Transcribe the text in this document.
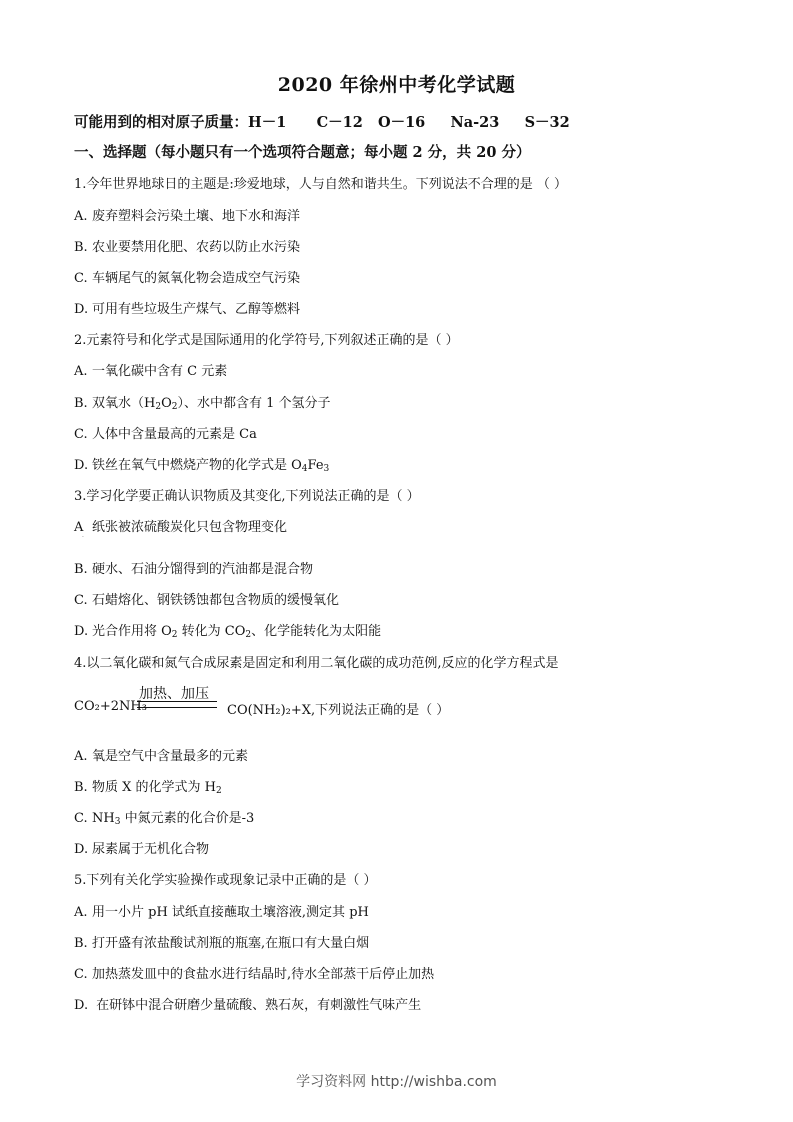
2020 年徐州中考化学试题
可能用到的相对原子质量：H－1      C－12   O－16     Na-23     S－32
一、选择题（每小题只有一个选项符合题意；每小题 2 分，共 20 分）
1.今年世界地球日的主题是:珍爱地球，人与自然和谐共生。下列说法不合理的是 （ ）
A. 废弃塑料会污染土壤、地下水和海洋
B. 农业要禁用化肥、农药以防止水污染
C. 车辆尾气的氮氧化物会造成空气污染
D. 可用有些垃圾生产煤气、乙醇等燃料
2.元素符号和化学式是国际通用的化学符号,下列叙述正确的是（ ）
A. 一氧化碳中含有 C 元素
B. 双氧水$(H_2O_2)$、水中都含有 1 个氢分子
C. 人体中含量最高的元素是 Ca
D. 铁丝在氧气中燃烧产物的化学式是 $O_4Fe_3$
3.学习化学要正确认识物质及其变化,下列说法正确的是（ ）
A 纸张被浓硫酸炭化只包含物理变化
·
B. 硬水、石油分馏得到的汽油都是混合物
C. 石蜡熔化、钢铁锈蚀都包含物质的缓慢氧化
D. 光合作用将 $O_2$ 转化为 $CO_2$、化学能转化为太阳能
4.以二氧化碳和氮气合成尿素是固定和利用二氧化碳的成功范例,反应的化学方程式是
CO₂+2NH₃
加热、加压
CO(NH₂)₂+X,下列说法正确的是（ ）
A. 氧是空气中含量最多的元素
B. 物质 X 的化学式为 $H_2$
C. $NH_3$ 中氮元素的化合价是-3
D. 尿素属于无机化合物
5.下列有关化学实验操作或现象记录中正确的是（ ）
A. 用一小片 pH 试纸直接蘸取土壤溶液,测定其 pH
B. 打开盛有浓盐酸试剂瓶的瓶塞,在瓶口有大量白烟
C. 加热蒸发皿中的食盐水进行结晶时,待水全部蒸干后停止加热
D. 在研钵中混合研磨少量硫酸、熟石灰，有刺激性气味产生
学习资料网 http://wishba.com
